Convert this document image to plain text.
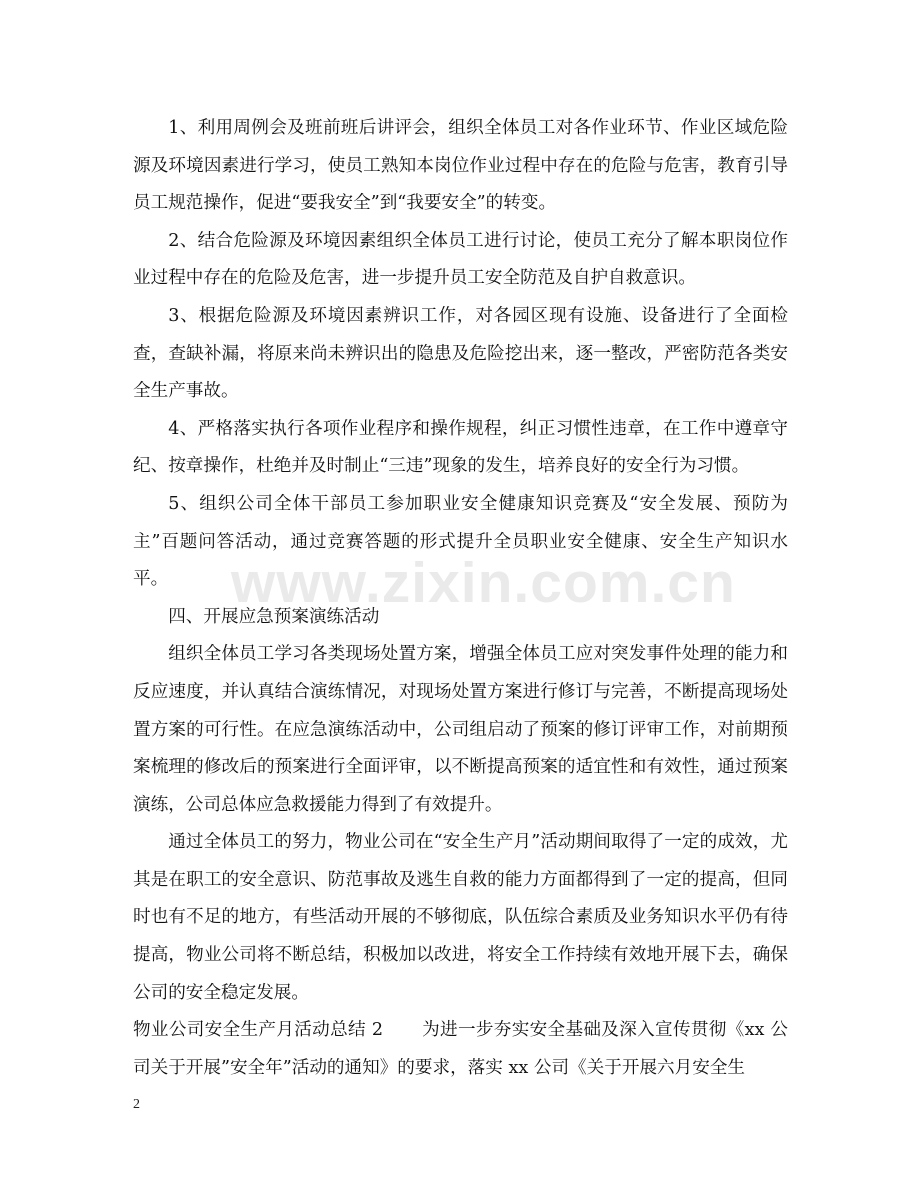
1、利用周例会及班前班后讲评会，组织全体员工对各作业环节、作业区域危险源及环境因素进行学习，使员工熟知本岗位作业过程中存在的危险与危害，教育引导员工规范操作，促进“要我安全”到“我要安全”的转变。

2、结合危险源及环境因素组织全体员工进行讨论，使员工充分了解本职岗位作业过程中存在的危险及危害，进一步提升员工安全防范及自护自救意识。

3、根据危险源及环境因素辨识工作，对各园区现有设施、设备进行了全面检查，查缺补漏，将原来尚未辨识出的隐患及危险挖出来，逐一整改，严密防范各类安全生产事故。

4、严格落实执行各项作业程序和操作规程，纠正习惯性违章，在工作中遵章守纪、按章操作，杜绝并及时制止“三违”现象的发生，培养良好的安全行为习惯。

5、组织公司全体干部员工参加职业安全健康知识竞赛及“安全发展、预防为主”百题问答活动，通过竞赛答题的形式提升全员职业安全健康、安全生产知识水平。

四、开展应急预案演练活动

组织全体员工学习各类现场处置方案，增强全体员工应对突发事件处理的能力和反应速度，并认真结合演练情况，对现场处置方案进行修订与完善，不断提高现场处置方案的可行性。在应急演练活动中，公司组启动了预案的修订评审工作，对前期预案梳理的修改后的预案进行全面评审，以不断提高预案的适宜性和有效性，通过预案演练，公司总体应急救援能力得到了有效提升。

通过全体员工的努力，物业公司在“安全生产月”活动期间取得了一定的成效，尤其是在职工的安全意识、防范事故及逃生自救的能力方面都得到了一定的提高，但同时也有不足的地方，有些活动开展的不够彻底，队伍综合素质及业务知识水平仍有待提高，物业公司将不断总结，积极加以改进，将安全工作持续有效地开展下去，确保公司的安全稳定发展。

物业公司安全生产月活动总结 2 为进一步夯实安全基础及深入宣传贯彻《xx 公司关于开展”安全年”活动的通知》的要求，落实 xx 公司《关于开展六月安全生

www.zixin.com.cn
2
